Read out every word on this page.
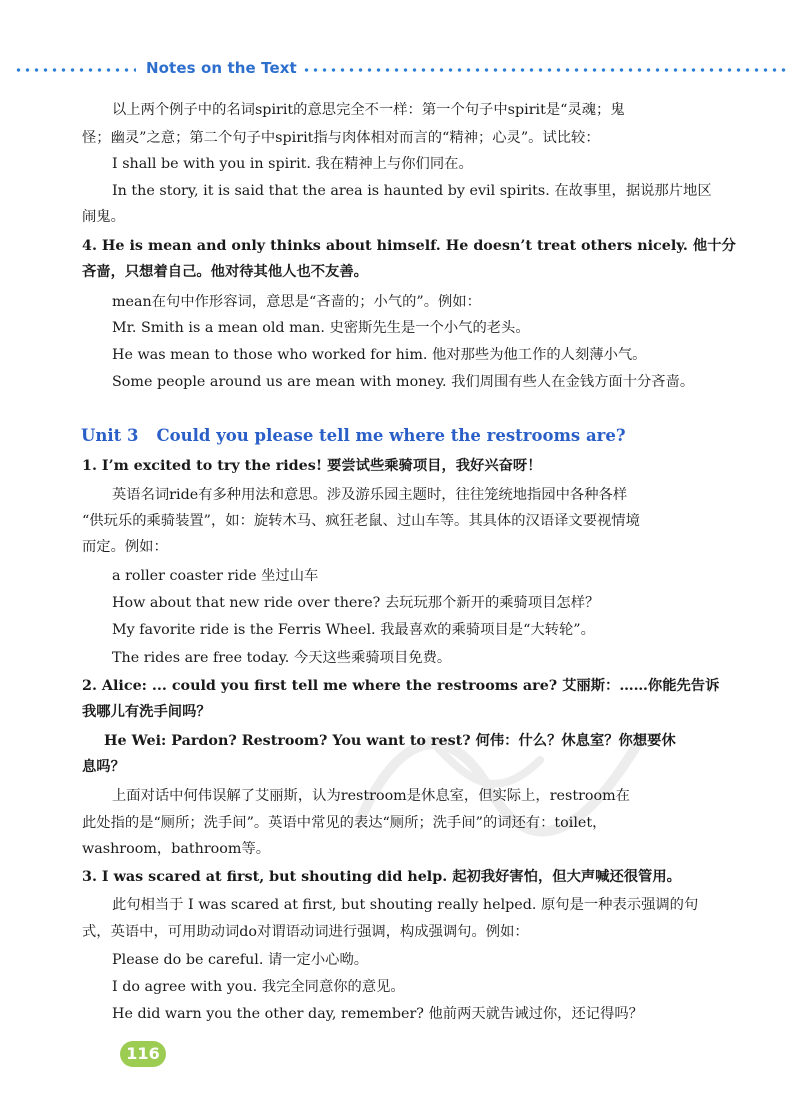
Notes on the Text
以上两个例子中的名词spirit的意思完全不一样：第一个句子中spirit是“灵魂；鬼
怪；幽灵”之意；第二个句子中spirit指与肉体相对而言的“精神；心灵”。试比较：
I shall be with you in spirit. 我在精神上与你们同在。
In the story, it is said that the area is haunted by evil spirits. 在故事里，据说那片地区
闹鬼。
4. He is mean and only thinks about himself. He doesn’t treat others nicely. 他十分
吝啬，只想着自己。他对待其他人也不友善。
mean在句中作形容词，意思是“吝啬的；小气的”。例如：
Mr. Smith is a mean old man. 史密斯先生是一个小气的老头。
He was mean to those who worked for him. 他对那些为他工作的人刻薄小气。
Some people around us are mean with money. 我们周围有些人在金钱方面十分吝啬。
Unit 3 Could you please tell me where the restrooms are?
1. I’m excited to try the rides! 要尝试些乘骑项目，我好兴奋呀！
英语名词ride有多种用法和意思。涉及游乐园主题时，往往笼统地指园中各种各样
“供玩乐的乘骑装置”，如：旋转木马、疯狂老鼠、过山车等。其具体的汉语译文要视情境
而定。例如：
a roller coaster ride 坐过山车
How about that new ride over there? 去玩玩那个新开的乘骑项目怎样？
My favorite ride is the Ferris Wheel. 我最喜欢的乘骑项目是“大转轮”。
The rides are free today. 今天这些乘骑项目免费。
2. Alice: ... could you first tell me where the restrooms are? 艾丽斯：……你能先告诉
我哪儿有洗手间吗？
He Wei: Pardon? Restroom? You want to rest? 何伟：什么？休息室？你想要休
息吗？
上面对话中何伟误解了艾丽斯，认为restroom是休息室，但实际上，restroom在
此处指的是“厕所；洗手间”。英语中常见的表达“厕所；洗手间”的词还有：toilet，
washroom，bathroom等。
3. I was scared at first, but shouting did help. 起初我好害怕，但大声喊还很管用。
此句相当于 I was scared at first, but shouting really helped. 原句是一种表示强调的句
式，英语中，可用助动词do对谓语动词进行强调，构成强调句。例如：
Please do be careful. 请一定小心呦。
I do agree with you. 我完全同意你的意见。
He did warn you the other day, remember? 他前两天就告诫过你，还记得吗？
116
